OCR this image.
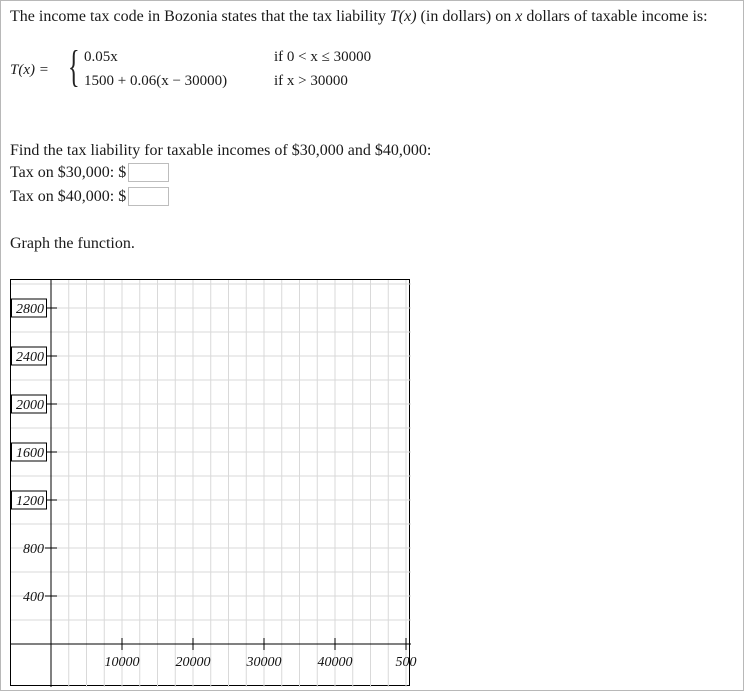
The income tax code in Bozonia states that the tax liability T(x) (in dollars) on x dollars of taxable income is:
T(x) = { 0.05x
1500 + 0.06(x − 30000)
if 0 < x ≤ 30000
if x > 30000
Find the tax liability for taxable incomes of $30,000 and $40,000:
Tax on $30,000: $
Tax on $40,000: $
Graph the function.
10000	20000	30000	40000	500
400
800
1200
1600
2000
2400
2800
